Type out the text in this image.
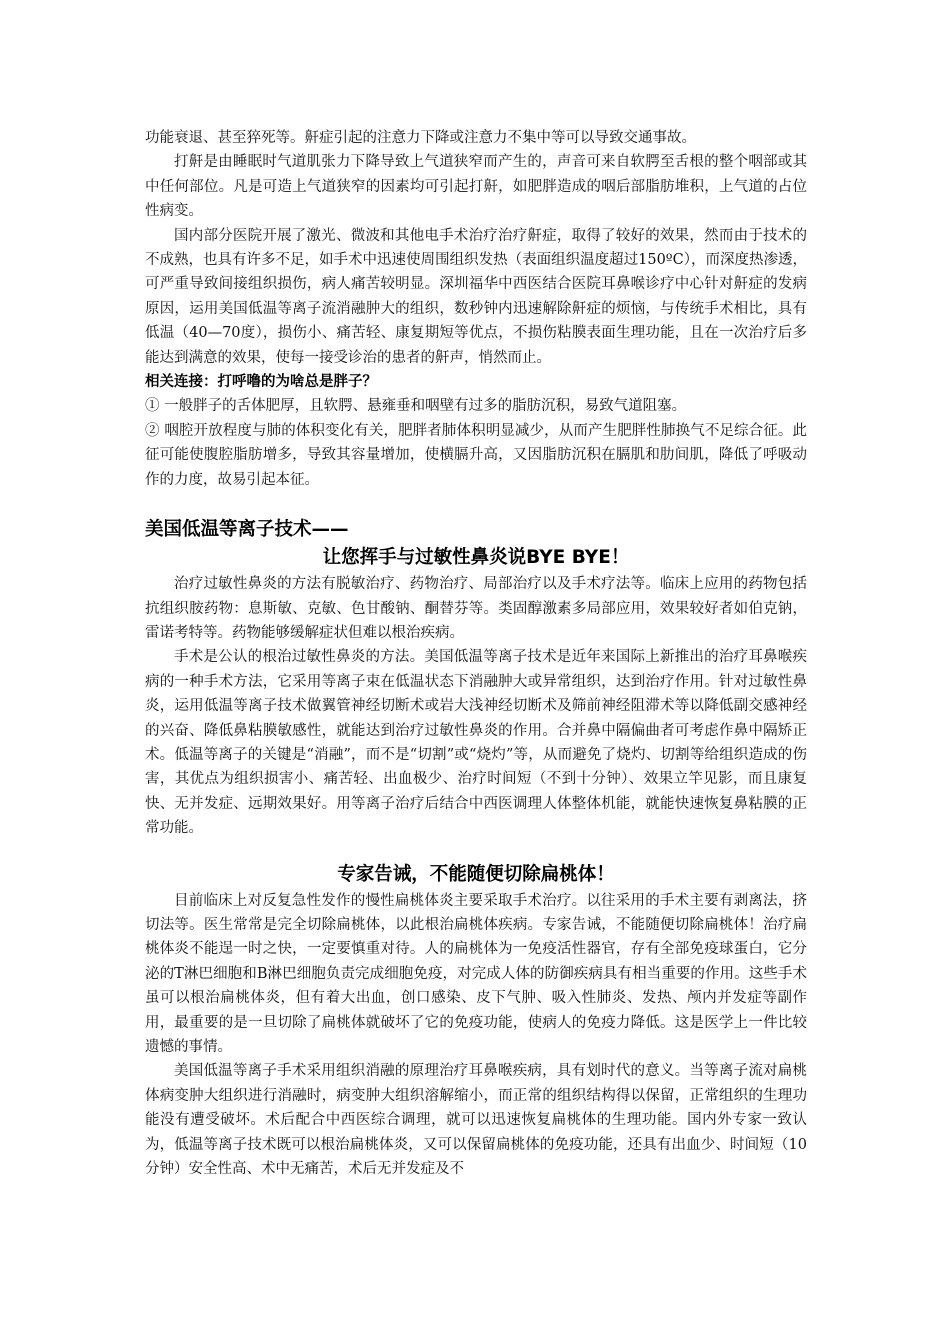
功能衰退、甚至猝死等。鼾症引起的注意力下降或注意力不集中等可以导致交通事故。

打鼾是由睡眠时气道肌张力下降导致上气道狭窄而产生的，声音可来自软腭至舌根的整个咽部或其中任何部位。凡是可造上气道狭窄的因素均可引起打鼾，如肥胖造成的咽后部脂肪堆积，上气道的占位性病变。

国内部分医院开展了激光、微波和其他电手术治疗治疗鼾症，取得了较好的效果，然而由于技术的不成熟，也具有许多不足，如手术中迅速使周围组织发热（表面组织温度超过150ºC），而深度热渗透，可严重导致间接组织损伤，病人痛苦较明显。深圳福华中西医结合医院耳鼻喉诊疗中心针对鼾症的发病原因，运用美国低温等离子流消融肿大的组织，数秒钟内迅速解除鼾症的烦恼，与传统手术相比，具有低温（40—70度），损伤小、痛苦轻、康复期短等优点，不损伤粘膜表面生理功能，且在一次治疗后多能达到满意的效果，使每一接受诊治的患者的鼾声，悄然而止。

相关连接：打呼噜的为啥总是胖子？

① 一般胖子的舌体肥厚，且软腭、悬雍垂和咽壁有过多的脂肪沉积，易致气道阻塞。

② 咽腔开放程度与肺的体积变化有关，肥胖者肺体积明显减少，从而产生肥胖性肺换气不足综合征。此征可能使腹腔脂肪增多，导致其容量增加，使横膈升高，又因脂肪沉积在膈肌和肋间肌，降低了呼吸动作的力度，故易引起本征。

美国低温等离子技术——
让您挥手与过敏性鼻炎说BYE BYE！

治疗过敏性鼻炎的方法有脱敏治疗、药物治疗、局部治疗以及手术疗法等。临床上应用的药物包括抗组织胺药物：息斯敏、克敏、色甘酸钠、酮替芬等。类固醇激素多局部应用，效果较好者如伯克钠，雷诺考特等。药物能够缓解症状但难以根治疾病。

手术是公认的根治过敏性鼻炎的方法。美国低温等离子技术是近年来国际上新推出的治疗耳鼻喉疾病的一种手术方法，它采用等离子束在低温状态下消融肿大或异常组织，达到治疗作用。针对过敏性鼻炎，运用低温等离子技术做翼管神经切断术或岩大浅神经切断术及筛前神经阻滞术等以降低副交感神经的兴奋、降低鼻粘膜敏感性，就能达到治疗过敏性鼻炎的作用。合并鼻中隔偏曲者可考虑作鼻中隔矫正术。低温等离子的关键是“消融”，而不是“切割”或“烧灼”等，从而避免了烧灼、切割等给组织造成的伤害，其优点为组织损害小、痛苦轻、出血极少、治疗时间短（不到十分钟）、效果立竿见影，而且康复快、无并发症、远期效果好。用等离子治疗后结合中西医调理人体整体机能，就能快速恢复鼻粘膜的正常功能。

专家告诫，不能随便切除扁桃体！

目前临床上对反复急性发作的慢性扁桃体炎主要采取手术治疗。以往采用的手术主要有剥离法，挤切法等。医生常常是完全切除扁桃体，以此根治扁桃体疾病。专家告诫，不能随便切除扁桃体！治疗扁桃体炎不能逞一时之快，一定要慎重对待。人的扁桃体为一免疫活性器官，存有全部免疫球蛋白，它分泌的T淋巴细胞和B淋巴细胞负责完成细胞免疫，对完成人体的防御疾病具有相当重要的作用。这些手术虽可以根治扁桃体炎，但有着大出血，创口感染、皮下气肿、吸入性肺炎、发热、颅内并发症等副作用，最重要的是一旦切除了扁桃体就破坏了它的免疫功能，使病人的免疫力降低。这是医学上一件比较遗憾的事情。

美国低温等离子手术采用组织消融的原理治疗耳鼻喉疾病，具有划时代的意义。当等离子流对扁桃体病变肿大组织进行消融时，病变肿大组织溶解缩小，而正常的组织结构得以保留，正常组织的生理功能没有遭受破坏。术后配合中西医综合调理，就可以迅速恢复扁桃体的生理功能。国内外专家一致认为，低温等离子技术既可以根治扁桃体炎，又可以保留扁桃体的免疫功能，还具有出血少、时间短（10分钟）安全性高、术中无痛苦，术后无并发症及不
